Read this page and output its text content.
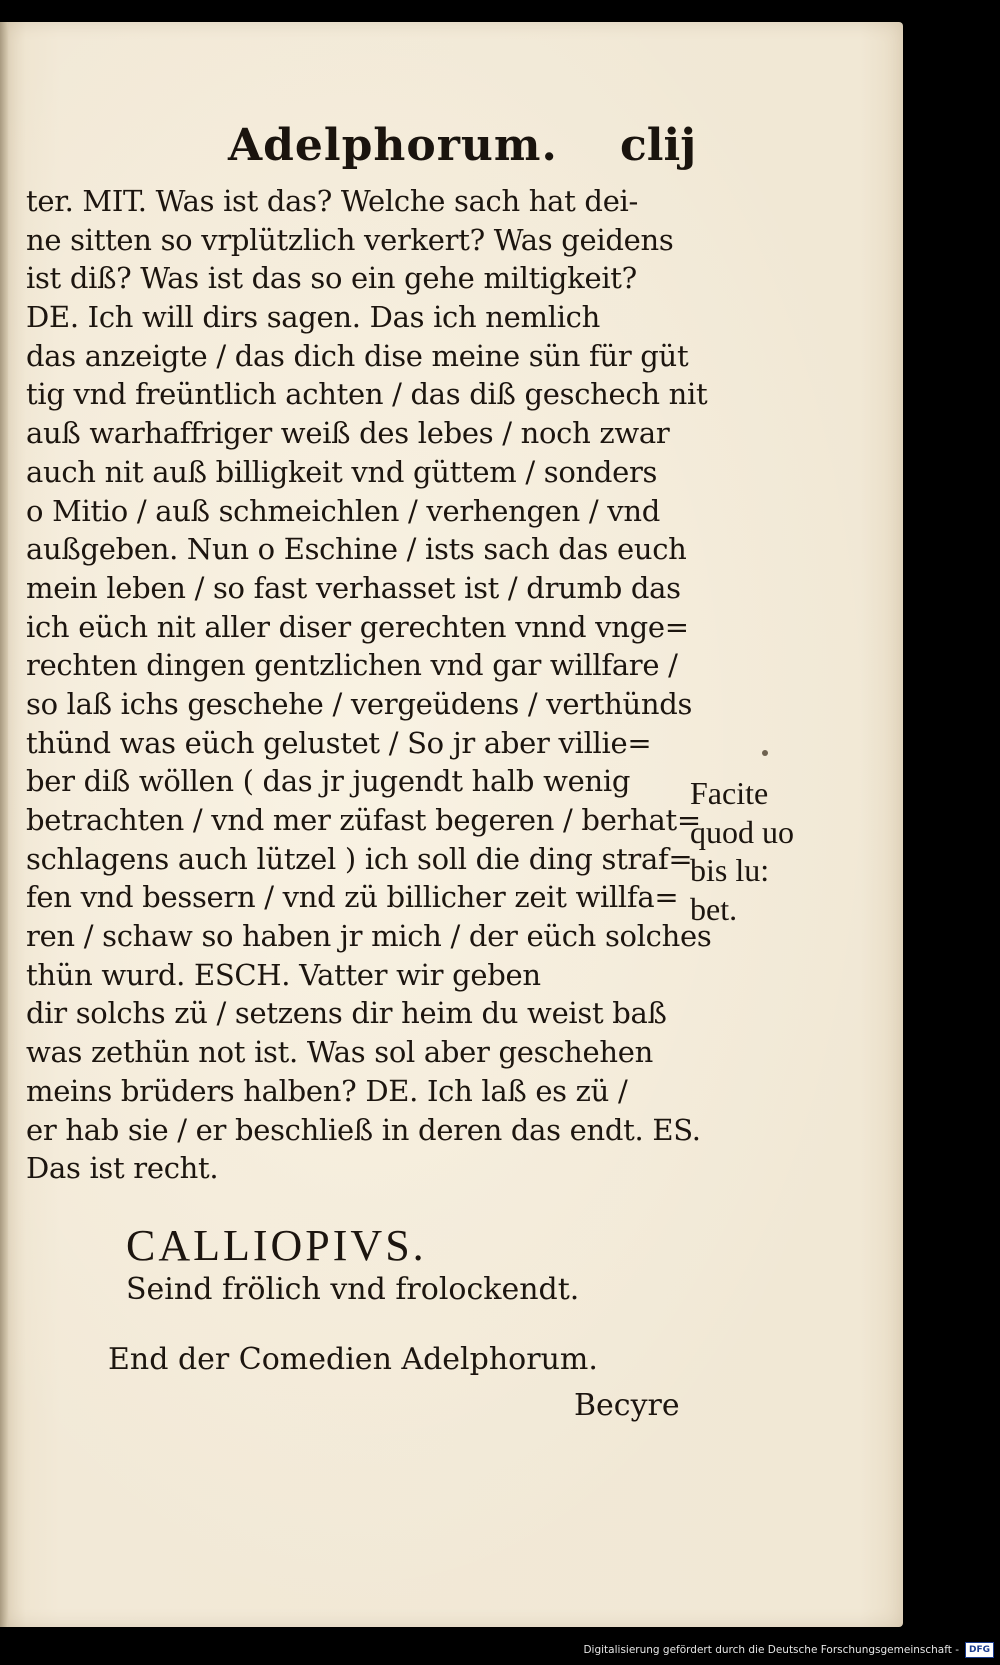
Adelphorum. clij
ter. MIT. Was ist das? Welche sach hat dei-
ne sitten so vrplützlich verkert? Was geidens
ist diß? Was ist das so ein gehe miltigkeit?
DE. Ich will dirs sagen. Das ich nemlich
das anzeigte / das dich dise meine sün für güt
tig vnd freüntlich achten / das diß geschech nit
auß warhaffriger weiß des lebes / noch zwar
auch nit auß billigkeit vnd güttem / sonders
o Mitio / auß schmeichlen / verhengen / vnd
außgeben. Nun o Eschine / ists sach das euch
mein leben / so fast verhasset ist / drumb das
ich eüch nit aller diser gerechten vnnd vnge=
rechten dingen gentzlichen vnd gar willfare /
so laß ichs geschehe / vergeüdens / verthünds
thünd was eüch gelustet / So jr aber villie=
ber diß wöllen ( das jr jugendt halb wenig
betrachten / vnd mer züfast begeren / berhat=
schlagens auch lützel ) ich soll die ding straf=
fen vnd bessern / vnd zü billicher zeit willfa=
ren / schaw so haben jr mich / der eüch solches
thün wurd. ESCH. Vatter wir geben
dir solchs zü / setzens dir heim du weist baß
was zethün not ist. Was sol aber geschehen
meins brüders halben? DE. Ich laß es zü /
er hab sie / er beschließ in deren das endt. ES.
Das ist recht.
Facite
quod uo
bis lu:
bet.
CALLIOPIVS.
Seind frölich vnd frolockendt.
End der Comedien Adelphorum.
Becyre
Digitalisierung gefördert durch die Deutsche Forschungsgemeinschaft -	DFG
